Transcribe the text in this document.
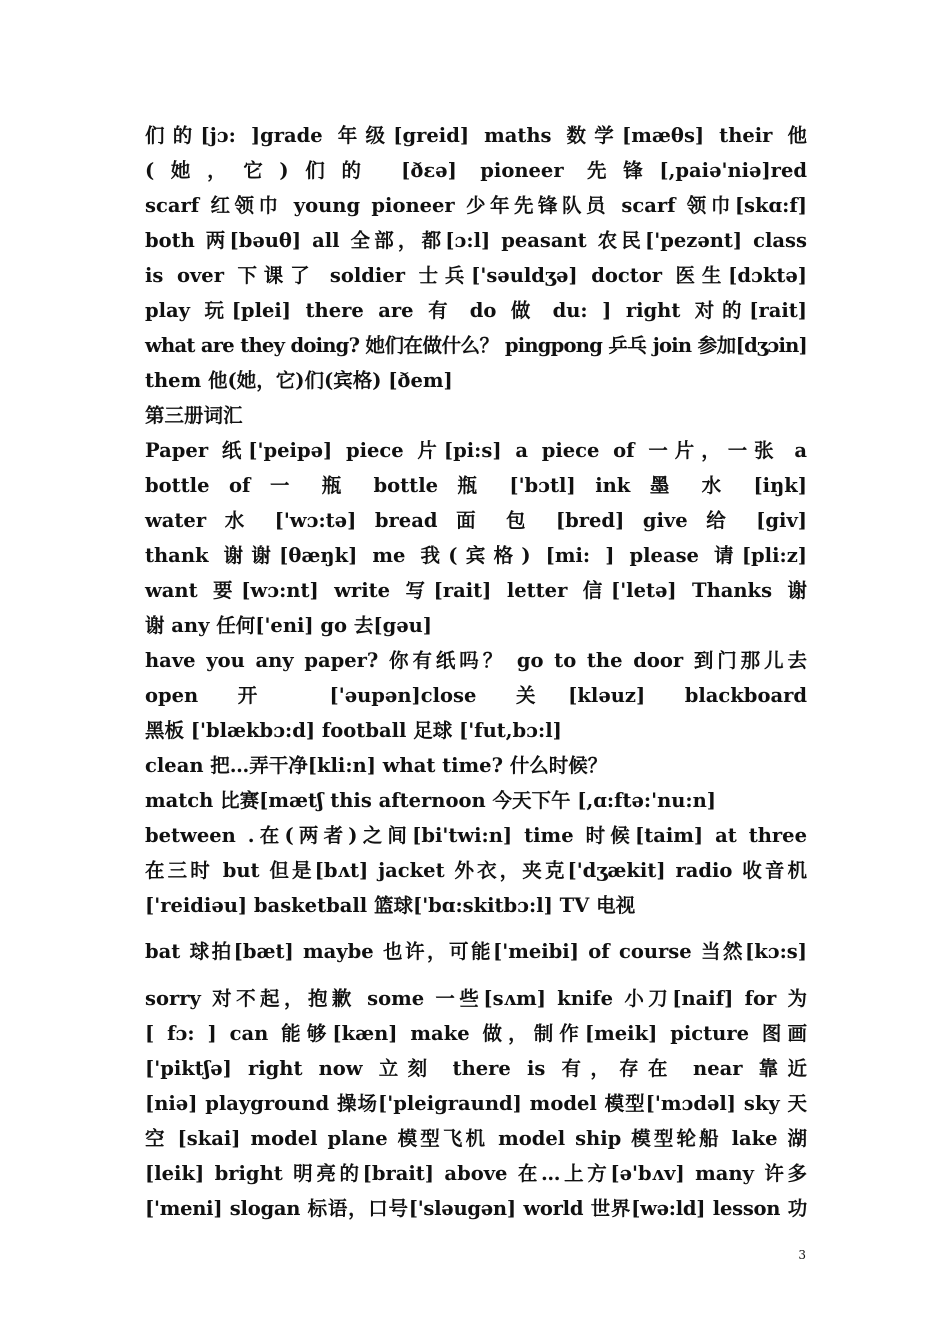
们的[jɔ: ]grade 年级[greid] maths 数学[mæθs] their 他
(她，它)们的 [ðɛə] pioneer 先锋[,paiə'niə]red
scarf 红领巾 young pioneer 少年先锋队员 scarf 领巾[skɑ:f]
both 两[bəuθ] all 全部，都[ɔ:l] peasant 农民['pezənt] class
is over 下课了 soldier 士兵['səuldʒə] doctor 医生[dɔktə]
play 玩[plei] there are 有 do 做 du: ] right 对的[rait]
what are they doing? 她们在做什么？ pingpong 乒乓 join 参加[dʒɔin]
them 他(她，它)们(宾格) [ðem]
第三册词汇
Paper 纸['peipə] piece 片[pi:s] a piece of 一片，一张 a
bottle of 一 瓶 bottle 瓶 ['bɔtl] ink 墨 水 [iŋk]
water 水 ['wɔ:tə] bread 面 包 [bred] give 给 [giv]
thank 谢谢[θæŋk] me 我(宾格) [mi: ] please 请[pli:z]
want 要[wɔ:nt] write 写[rait] letter 信['letə] Thanks 谢
谢 any 任何['eni] go 去[gəu]
have you any paper? 你有纸吗？ go to the door 到门那儿去
open 开 ['əupən]close 关[kləuz] blackboard
黑板 ['blækbɔ:d] football 足球 ['fut,bɔ:l]
clean 把…弄干净[kli:n] what time? 什么时候？
match 比赛[mætʃ this afternoon 今天下午 [,ɑ:ftə:'nu:n]
between .在(两者)之间[bi'twi:n] time 时候[taim] at three
在三时 but 但是[bʌt] jacket 外衣，夹克['dʒækit] radio 收音机
['reidiəu] basketball 篮球['bɑ:skitbɔ:l] TV 电视
bat 球拍[bæt] maybe 也许，可能['meibi] of course 当然[kɔ:s]
sorry 对不起，抱歉 some 一些[sʌm] knife 小刀[naif] for 为
[ fɔ: ] can 能够[kæn] make 做，制作[meik] picture 图画
['piktʃə] right now 立刻 there is 有，存在 near 靠近
[niə] playground 操场['pleigraund] model 模型['mɔdəl] sky 天
空 [skai] model plane 模型飞机 model ship 模型轮船 lake 湖
[leik] bright 明亮的[brait] above 在…上方[ə'bʌv] many 许多
['meni] slogan 标语，口号['sləugən] world 世界[wə:ld] lesson 功
3
